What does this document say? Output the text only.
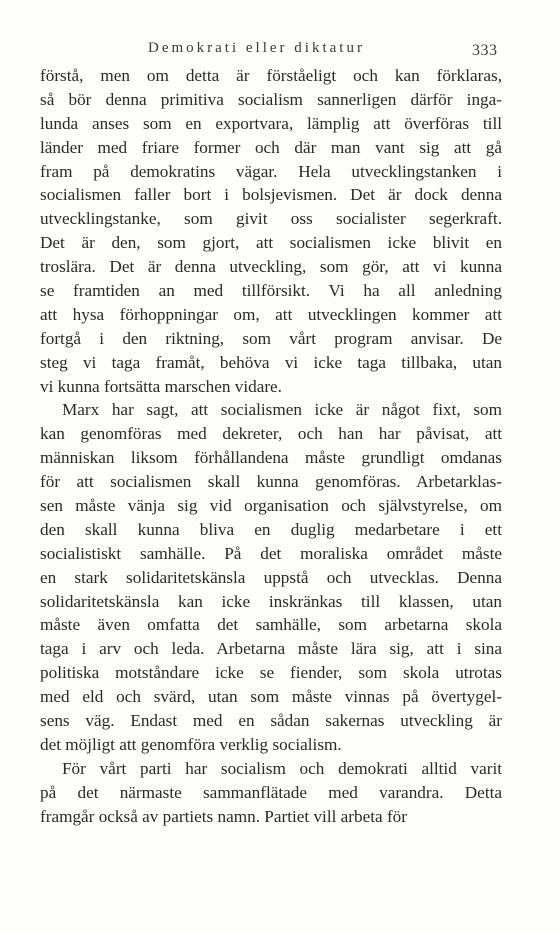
Demokrati eller diktatur	333
förstå, men om detta är förståeligt och kan förklaras,
så bör denna primitiva socialism sannerligen därför inga-
lunda anses som en exportvara, lämplig att överföras till
länder med friare former och där man vant sig att gå
fram på demokratins vägar. Hela utvecklingstanken i
socialismen faller bort i bolsjevismen. Det är dock denna
utvecklingstanke, som givit oss socialister segerkraft.
Det är den, som gjort, att socialismen icke blivit en
troslära. Det är denna utveckling, som gör, att vi kunna
se framtiden an med tillförsikt. Vi ha all anledning
att hysa förhoppningar om, att utvecklingen kommer att
fortgå i den riktning, som vårt program anvisar. De
steg vi taga framåt, behöva vi icke taga tillbaka, utan
vi kunna fortsätta marschen vidare.
Marx har sagt, att socialismen icke är något fixt, som
kan genomföras med dekreter, och han har påvisat, att
människan liksom förhållandena måste grundligt omdanas
för att socialismen skall kunna genomföras. Arbetarklas-
sen måste vänja sig vid organisation och självstyrelse, om
den skall kunna bliva en duglig medarbetare i ett
socialistiskt samhälle. På det moraliska området måste
en stark solidaritetskänsla uppstå och utvecklas. Denna
solidaritetskänsla kan icke inskränkas till klassen, utan
måste även omfatta det samhälle, som arbetarna skola
taga i arv och leda. Arbetarna måste lära sig, att i sina
politiska motståndare icke se fiender, som skola utrotas
med eld och svärd, utan som måste vinnas på övertygel-
sens väg. Endast med en sådan sakernas utveckling är
det möjligt att genomföra verklig socialism.
För vårt parti har socialism och demokrati alltid varit
på det närmaste sammanflätade med varandra. Detta
framgår också av partiets namn. Partiet vill arbeta för
